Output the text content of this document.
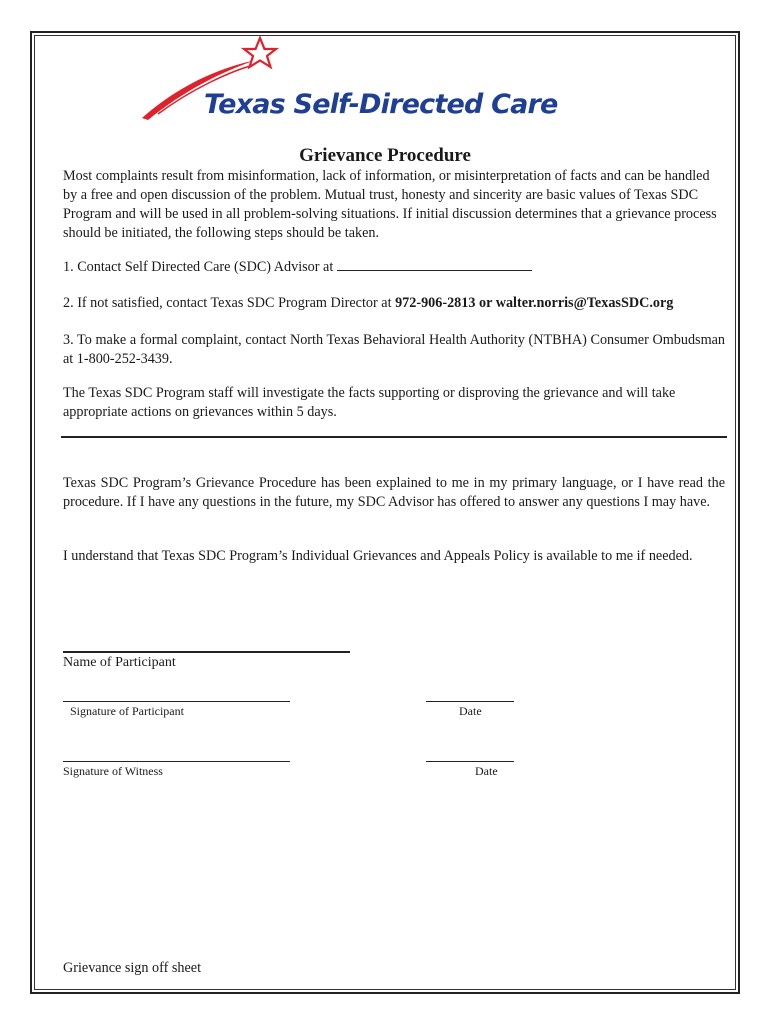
Texas Self-Directed Care
Grievance Procedure

Most complaints result from misinformation, lack of information, or misinterpretation of facts and can be handled by a free and open discussion of the problem. Mutual trust, honesty and sincerity are basic values of Texas SDC Program and will be used in all problem-solving situations. If initial discussion determines that a grievance process should be initiated, the following steps should be taken.

1. Contact Self Directed Care (SDC) Advisor at

2. If not satisfied, contact Texas SDC Program Director at 972-906-2813 or walter.norris@TexasSDC.org

3. To make a formal complaint, contact North Texas Behavioral Health Authority (NTBHA) Consumer Ombudsman at 1-800-252-3439.

The Texas SDC Program staff will investigate the facts supporting or disproving the grievance and will take appropriate actions on grievances within 5 days.

Texas SDC Program’s Grievance Procedure has been explained to me in my primary language, or I have read the procedure. If I have any questions in the future, my SDC Advisor has offered to answer any questions I may have.

I understand that Texas SDC Program’s Individual Grievances and Appeals Policy is available to me if needed.

Name of Participant
Signature of Participant	Date
Signature of Witness	Date
Grievance sign off sheet
